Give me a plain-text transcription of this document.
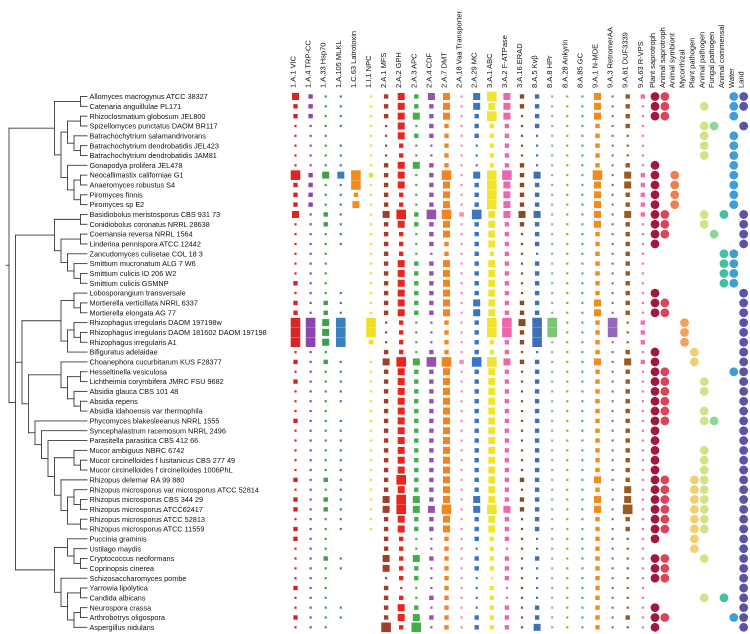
Allomyces macrogynus ATCC 38327
Catenaria anguillulae PL171
Rhizoclosmatium globosum JEL800
Spizellomyces punctatus DAOM BR117
Batrachochytrium salamandrivorans
Batrachochytrium dendrobatidis JEL423
Batrachochytrium dendrobatidis JAM81
Gonapodya prolifera JEL478
Neocallimastix californiae G1
Anaeromyces robustus S4
Piromyces finnis
Piromyces sp E2
Basidiobolus meristosporus CBS 931 73
Conidiobolus coronatus NRRL 28638
Coemansia reversa NRRL 1564
Linderina pennispora ATCC 12442
Zancudomyces culisetae COL 18 3
Smittium mucronatum ALG 7 W6
Smittium culicis ID 206 W2
Smittium culicis GSMNP
Lobosporangium transversale
Mortierella verticillata NRRL 6337
Mortierella elongata AG 77
Rhizophagus irregularis DAOM 197198w
Rhizophagus irregularis DAOM 181602 DAOM 197198
Rhizophagus irregularis A1
Bifiguratus adelaidae
Choanephora cucurbitarum KUS F28377
Hesseltinella vesiculosa
Lichtheimia corymbifera JMRC FSU 9682
Absidia glauca CBS 101 48
Absidia repens
Absidia idahoensis var thermophila
Phycomyces blakesleeanus NRRL 1555
Syncephalastrum racemosum NRRL 2496
Parasitella parasitica CBS 412 66
Mucor ambiguus NBRC 6742
Mucor circinelloides f lusitanicus CBS 277 49
Mucor circinelloides f circinelloides 1006PhL
Rhizopus delemar RA 99 880
Rhizopus microsporus var microsporus ATCC 52814
Rhizopus microsporus CBS 344 29
Rhizopus microsporus ATCC62417
Rhizopus microsporus ATCC 52813
Rhizopus microsporus ATCC 11559
Puccinia graminis
Ustilago maydis
Cryptococcus neoformans
Coprinopsis cinerea
Schizosaccharomyces pombe
Yarrowia lipolytica
Candida albicans
Neurospora crassa
Arthrobotrys oligospora
Aspergillus nidulans
1.A.1 VIC 1.A.4 TRP-CC 1.A.33 Hsp70 1.A.105 MLKL 1.C.63 Latrotoxin 1.I.1 NPC 2.A.1 MFS 2.A.2 GPH 2.A.3 APC 2.A.4 CDF 2.A.7 DMT 2.A.18 Vaa Transporter 2.A.29 MC 3.A.1 ABC 3.A.2 F-ATPase 3.A.16 ERAD 8.A.5 Kvβ 8.A.8 HPr 8.A.28 Ankyrin 8.A.85 GC 9.A.1 N-MDE 9.A.3 RetromerAA 9.A.61 DUF3339 9.A.63 R-VPS Plant saprotroph Animal saprotroph Animal symbiont Mycorrhizal Plant pathogen Animal pathogen Fungal pathogen Animal commensal Water Land
